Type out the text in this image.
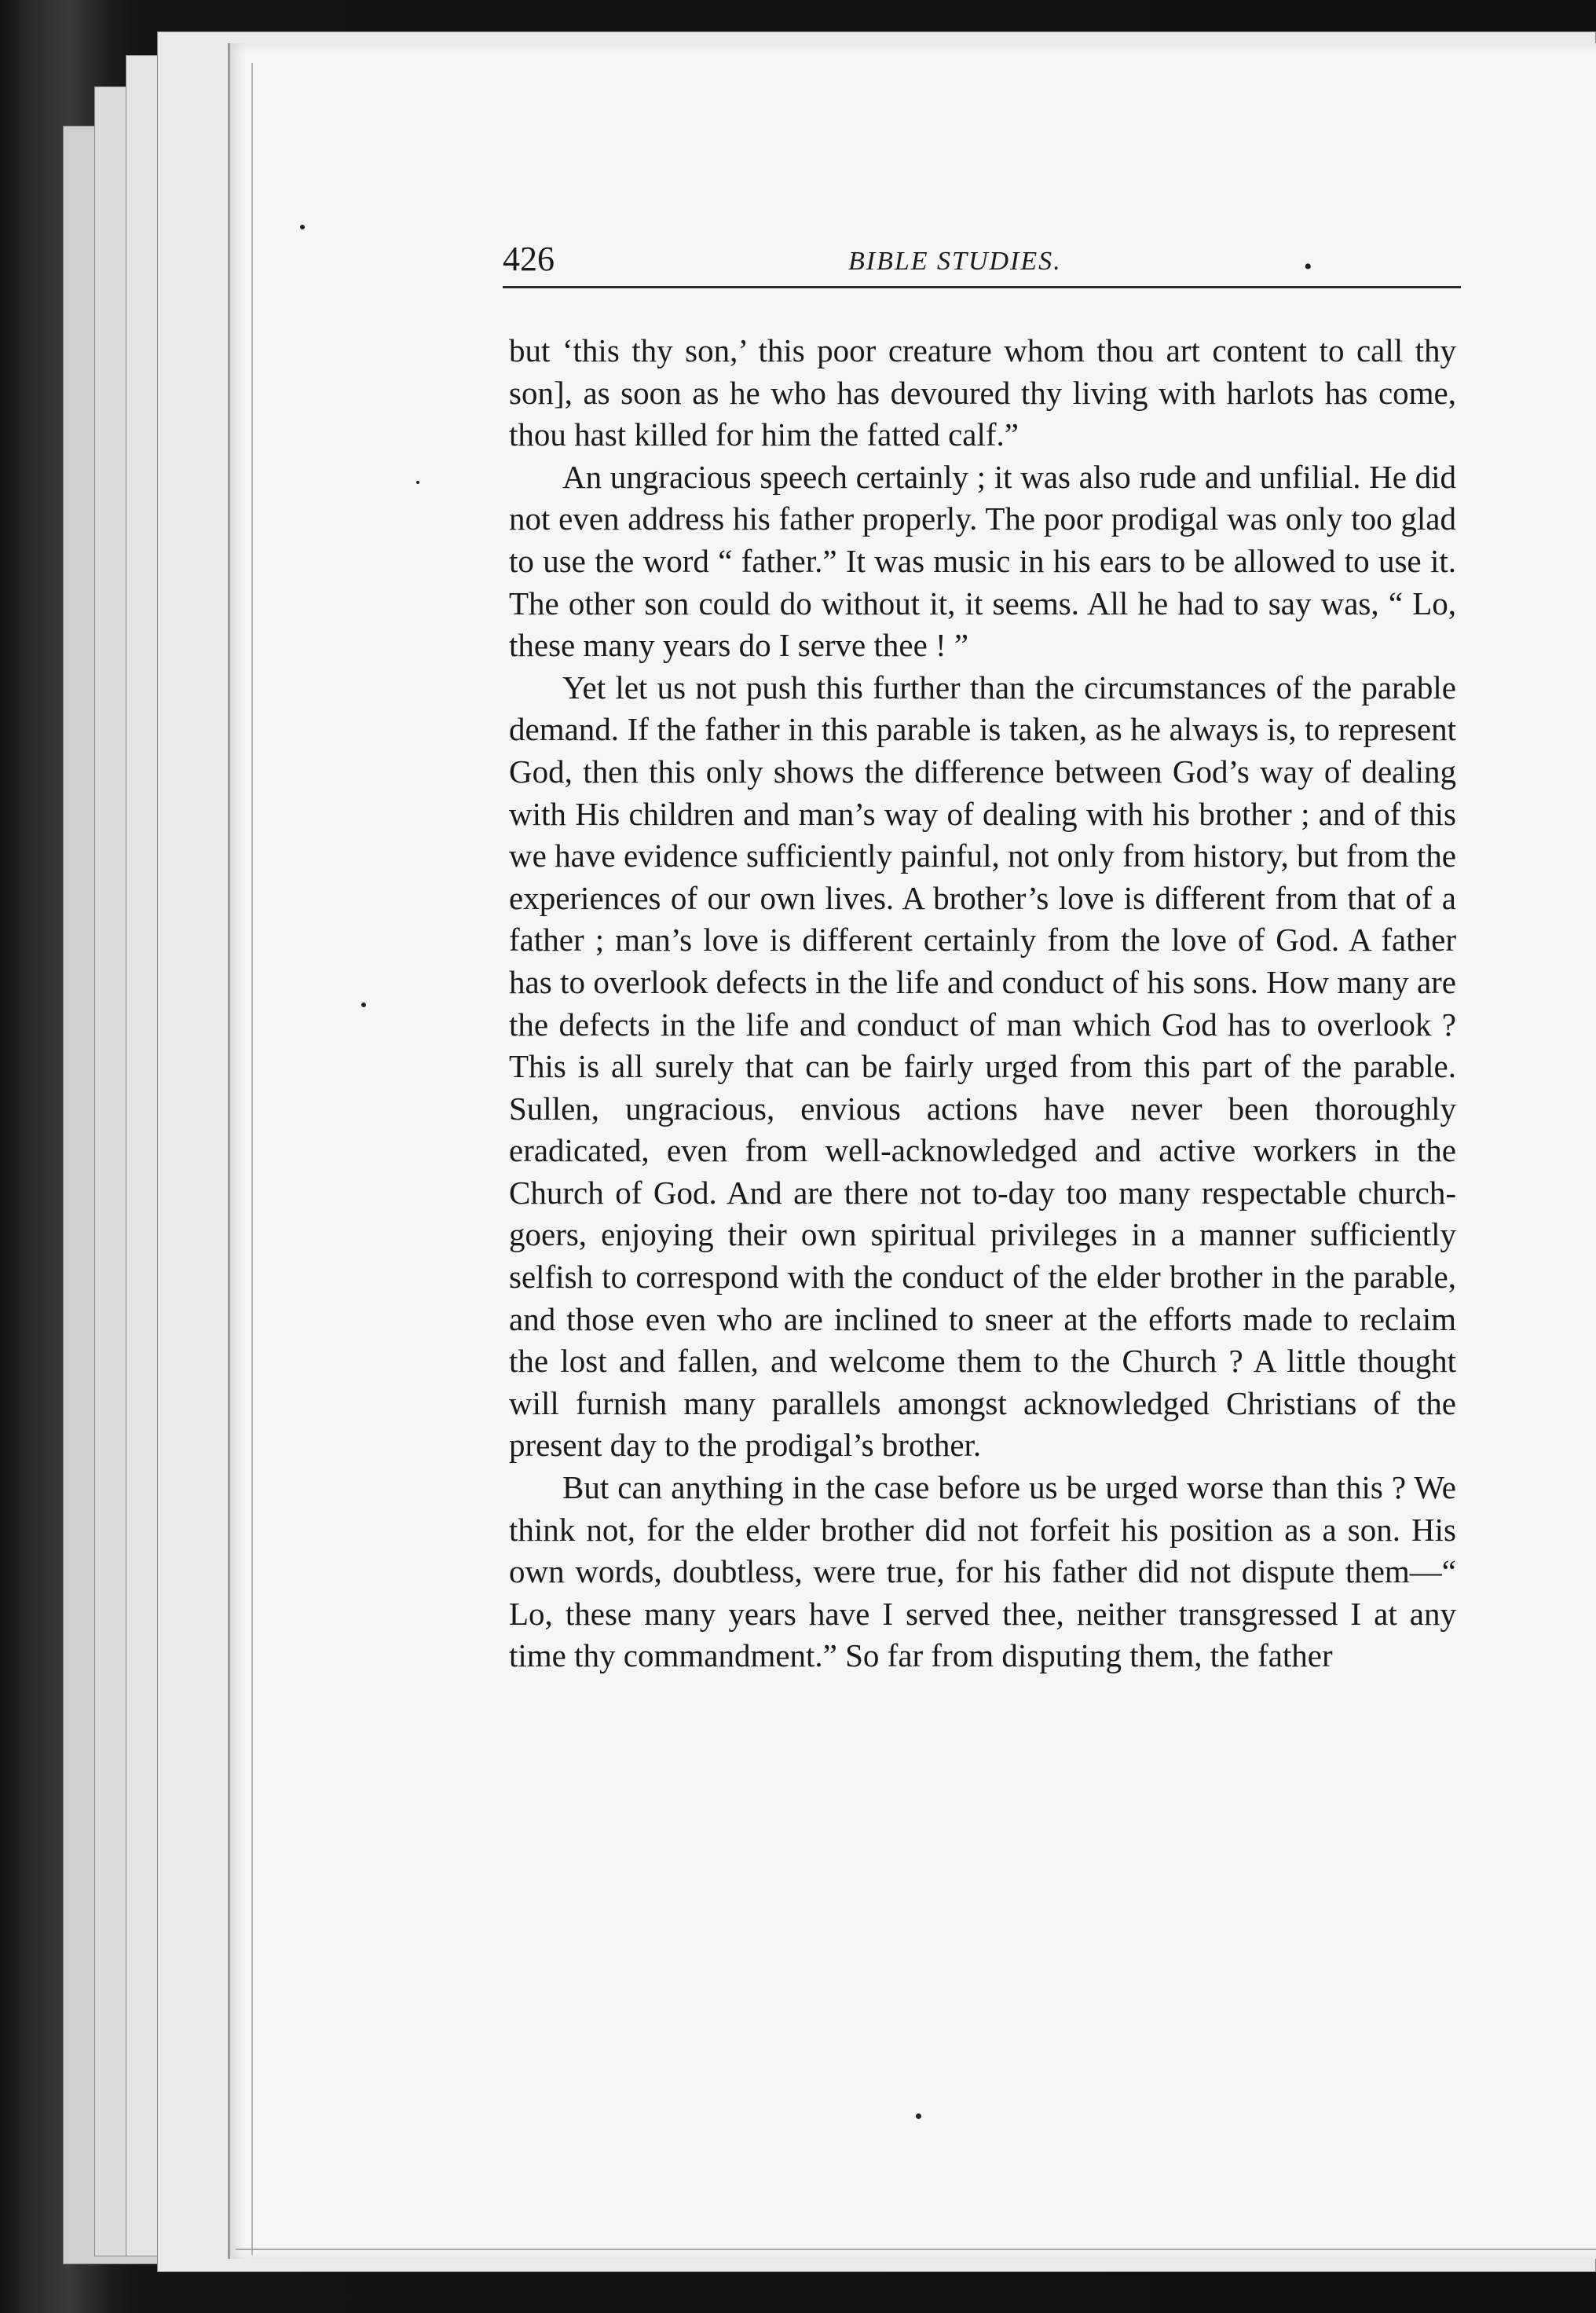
426	BIBLE STUDIES.	•

but ‘this thy son,’ this poor creature whom thou art content to call thy son], as soon as he who has devoured thy living with harlots has come, thou hast killed for him the fatted calf.”

An ungracious speech certainly ; it was also rude and unfilial. He did not even address his father properly. The poor prodigal was only too glad to use the word “ father.” It was music in his ears to be allowed to use it. The other son could do without it, it seems. All he had to say was, “ Lo, these many years do I serve thee ! ”

Yet let us not push this further than the circumstances of the parable demand. If the father in this parable is taken, as he always is, to represent God, then this only shows the difference between God’s way of dealing with His children and man’s way of dealing with his brother ; and of this we have evidence sufficiently painful, not only from history, but from the experiences of our own lives. A brother’s love is different from that of a father ; man’s love is different certainly from the love of God. A father has to overlook defects in the life and conduct of his sons. How many are the defects in the life and conduct of man which God has to overlook ? This is all surely that can be fairly urged from this part of the parable. Sullen, ungracious, envious actions have never been thoroughly eradicated, even from well-acknowledged and active workers in the Church of God. And are there not to-day too many respectable church-goers, enjoying their own spiritual privileges in a manner sufficiently selfish to correspond with the conduct of the elder brother in the parable, and those even who are inclined to sneer at the efforts made to reclaim the lost and fallen, and welcome them to the Church ? A little thought will furnish many parallels amongst acknowledged Christians of the present day to the prodigal’s brother.

But can anything in the case before us be urged worse than this ? We think not, for the elder brother did not forfeit his position as a son. His own words, doubtless, were true, for his father did not dispute them—“ Lo, these many years have I served thee, neither transgressed I at any time thy commandment.” So far from disputing them, the father
